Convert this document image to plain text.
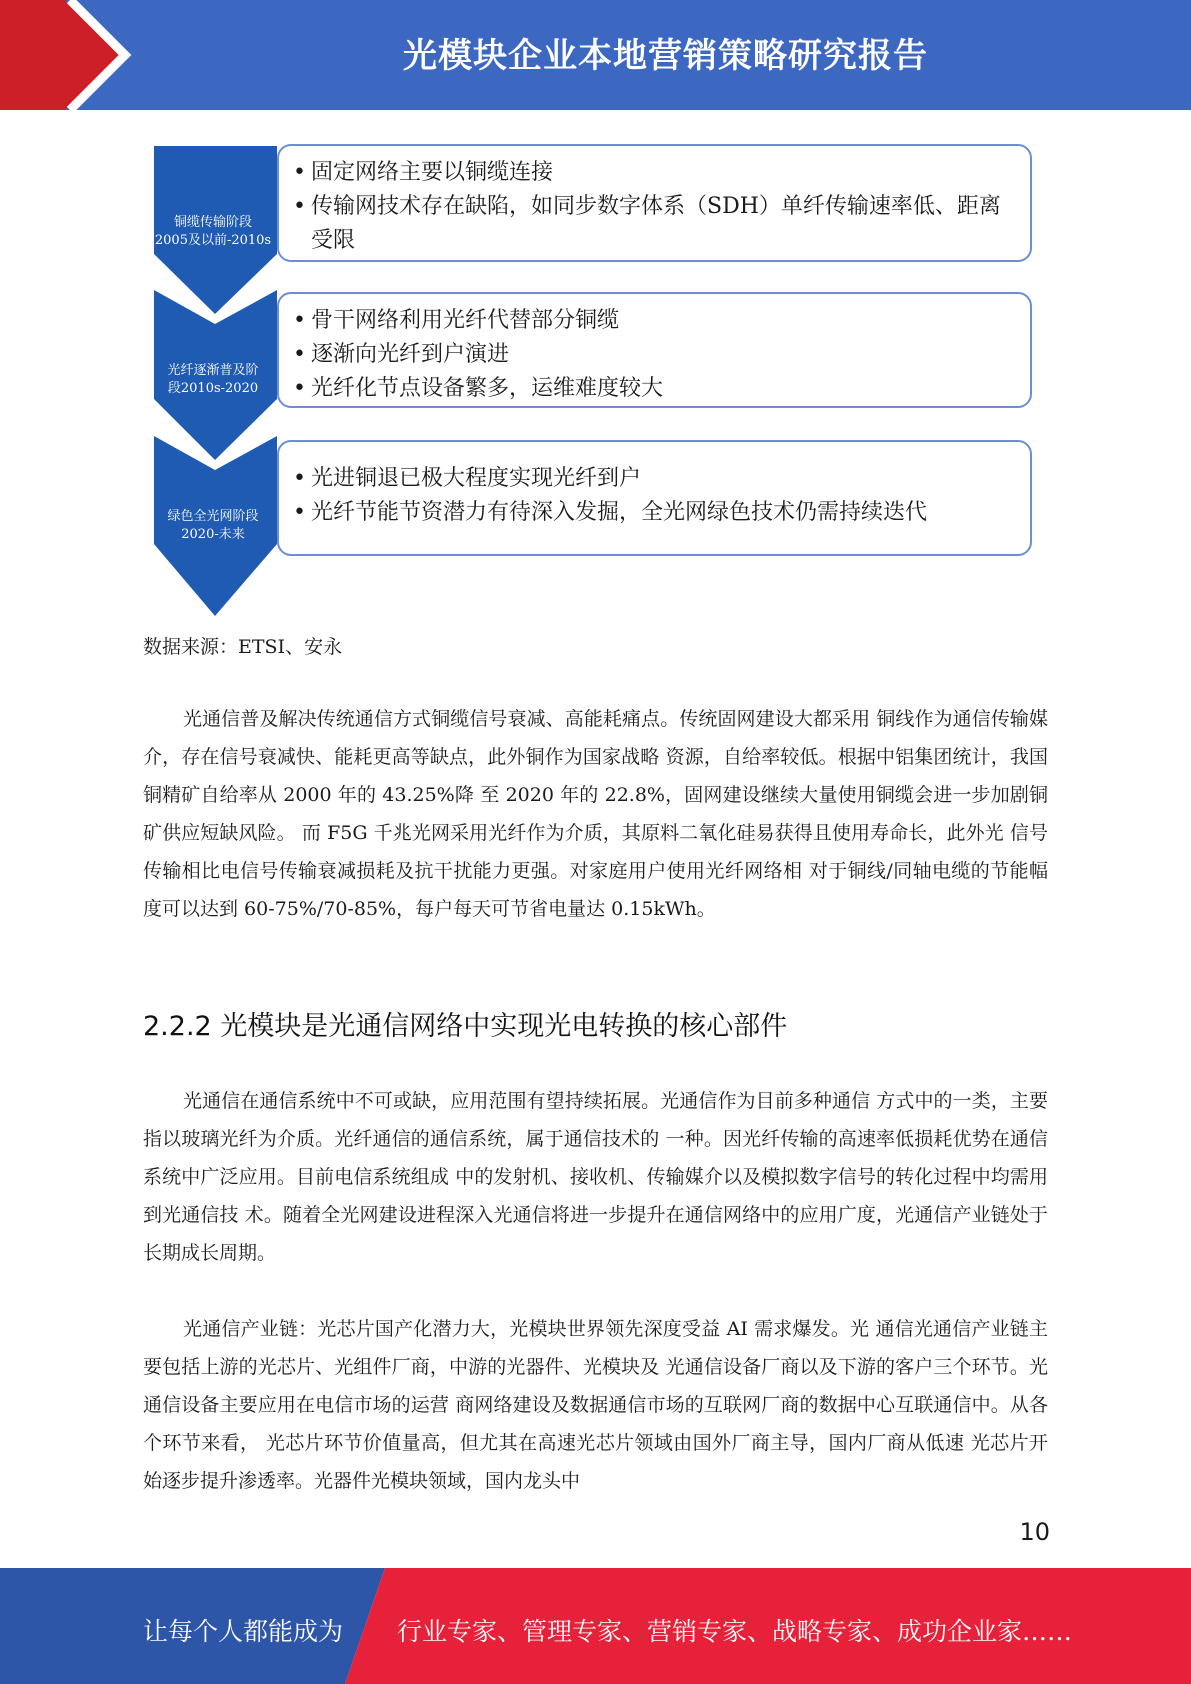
光模块企业本地营销策略研究报告
铜缆传输阶段
2005及以前-2010s
光纤逐渐普及阶
段2010s-2020
绿色全光网阶段
2020-未来
• 固定网络主要以铜缆连接
• 传输网技术存在缺陷，如同步数字体系（SDH）单纤传输速率低、距离受限
• 骨干网络利用光纤代替部分铜缆
• 逐渐向光纤到户演进
• 光纤化节点设备繁多，运维难度较大
• 光进铜退已极大程度实现光纤到户
• 光纤节能节资潜力有待深入发掘，全光网绿色技术仍需持续迭代
数据来源：ETSI、安永
光通信普及解决传统通信方式铜缆信号衰减、高能耗痛点。传统固网建设大都采用 铜线作为通信传输媒介，存在信号衰减快、能耗更高等缺点，此外铜作为国家战略 资源，自给率较低。根据中铝集团统计，我国铜精矿自给率从 2000 年的 43.25%降 至 2020 年的 22.8%，固网建设继续大量使用铜缆会进一步加剧铜矿供应短缺风险。 而 F5G 千兆光网采用光纤作为介质，其原料二氧化硅易获得且使用寿命长，此外光 信号传输相比电信号传输衰减损耗及抗干扰能力更强。对家庭用户使用光纤网络相 对于铜线/同轴电缆的节能幅度可以达到 60-75%/70-85%，每户每天可节省电量达 0.15kWh。
2.2.2 光模块是光通信网络中实现光电转换的核心部件
光通信在通信系统中不可或缺，应用范围有望持续拓展。光通信作为目前多种通信 方式中的一类，主要指以玻璃光纤为介质。光纤通信的通信系统，属于通信技术的 一种。因光纤传输的高速率低损耗优势在通信系统中广泛应用。目前电信系统组成 中的发射机、接收机、传输媒介以及模拟数字信号的转化过程中均需用到光通信技 术。随着全光网建设进程深入光通信将进一步提升在通信网络中的应用广度，光通信产业链处于长期成长周期。
光通信产业链：光芯片国产化潜力大，光模块世界领先深度受益 AI 需求爆发。光 通信光通信产业链主要包括上游的光芯片、光组件厂商，中游的光器件、光模块及 光通信设备厂商以及下游的客户三个环节。光通信设备主要应用在电信市场的运营 商网络建设及数据通信市场的互联网厂商的数据中心互联通信中。从各个环节来看， 光芯片环节价值量高，但尤其在高速光芯片领域由国外厂商主导，国内厂商从低速 光芯片开始逐步提升渗透率。光器件光模块领域，国内龙头中
10
让每个人都能成为 行业专家、管理专家、营销专家、战略专家、成功企业家……
